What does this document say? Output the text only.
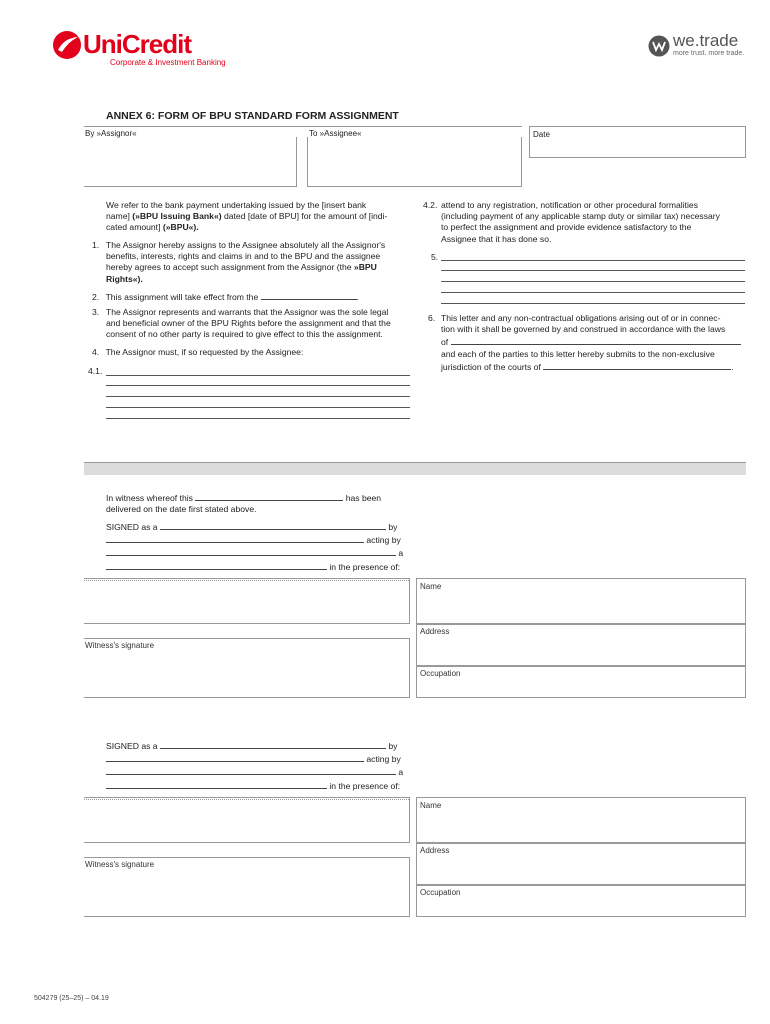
UniCredit
Corporate & Investment Banking
we.trade
more trust. more trade.
ANNEX 6: FORM OF BPU STANDARD FORM ASSIGNMENT
By »Assignor«	To »Assignee«	Date
We refer to the bank payment undertaking issued by the [insert bank
name] (»BPU Issuing Bank«) dated [date of BPU] for the amount of [indi-
cated amount] (»BPU«).
1. The Assignor hereby assigns to the Assignee absolutely all the Assignor's
benefits, interests, rights and claims in and to the BPU and the assignee
hereby agrees to accept such assignment from the Assignor (the »BPU
Rights«).
2. This assignment will take effect from the	.
3. The Assignor represents and warrants that the Assignor was the sole legal
and beneficial owner of the BPU Rights before the assignment and that the
consent of no other party is required to give effect to this the assignment.
4. The Assignor must, if so requested by the Assignee:
4.1.
4.2. attend to any registration, notification or other procedural formalities
(including payment of any applicable stamp duty or similar tax) necessary
to perfect the assignment and provide evidence satisfactory to the
Assignee that it has done so.
5.
6. This letter and any non-contractual obligations arising out of or in connec-
tion with it shall be governed by and construed in accordance with the laws
of
and each of the parties to this letter hereby submits to the non-exclusive
jurisdiction of the courts of	.
In witness whereof this	has been
delivered on the date first stated above.
SIGNED as a	by
acting by
a
in the presence of:
Witness's signature
Name
Address
Occupation
SIGNED as a	by
acting by
a
in the presence of:
Witness's signature
Name
Address
Occupation
504279 (25–25) – 04.19
